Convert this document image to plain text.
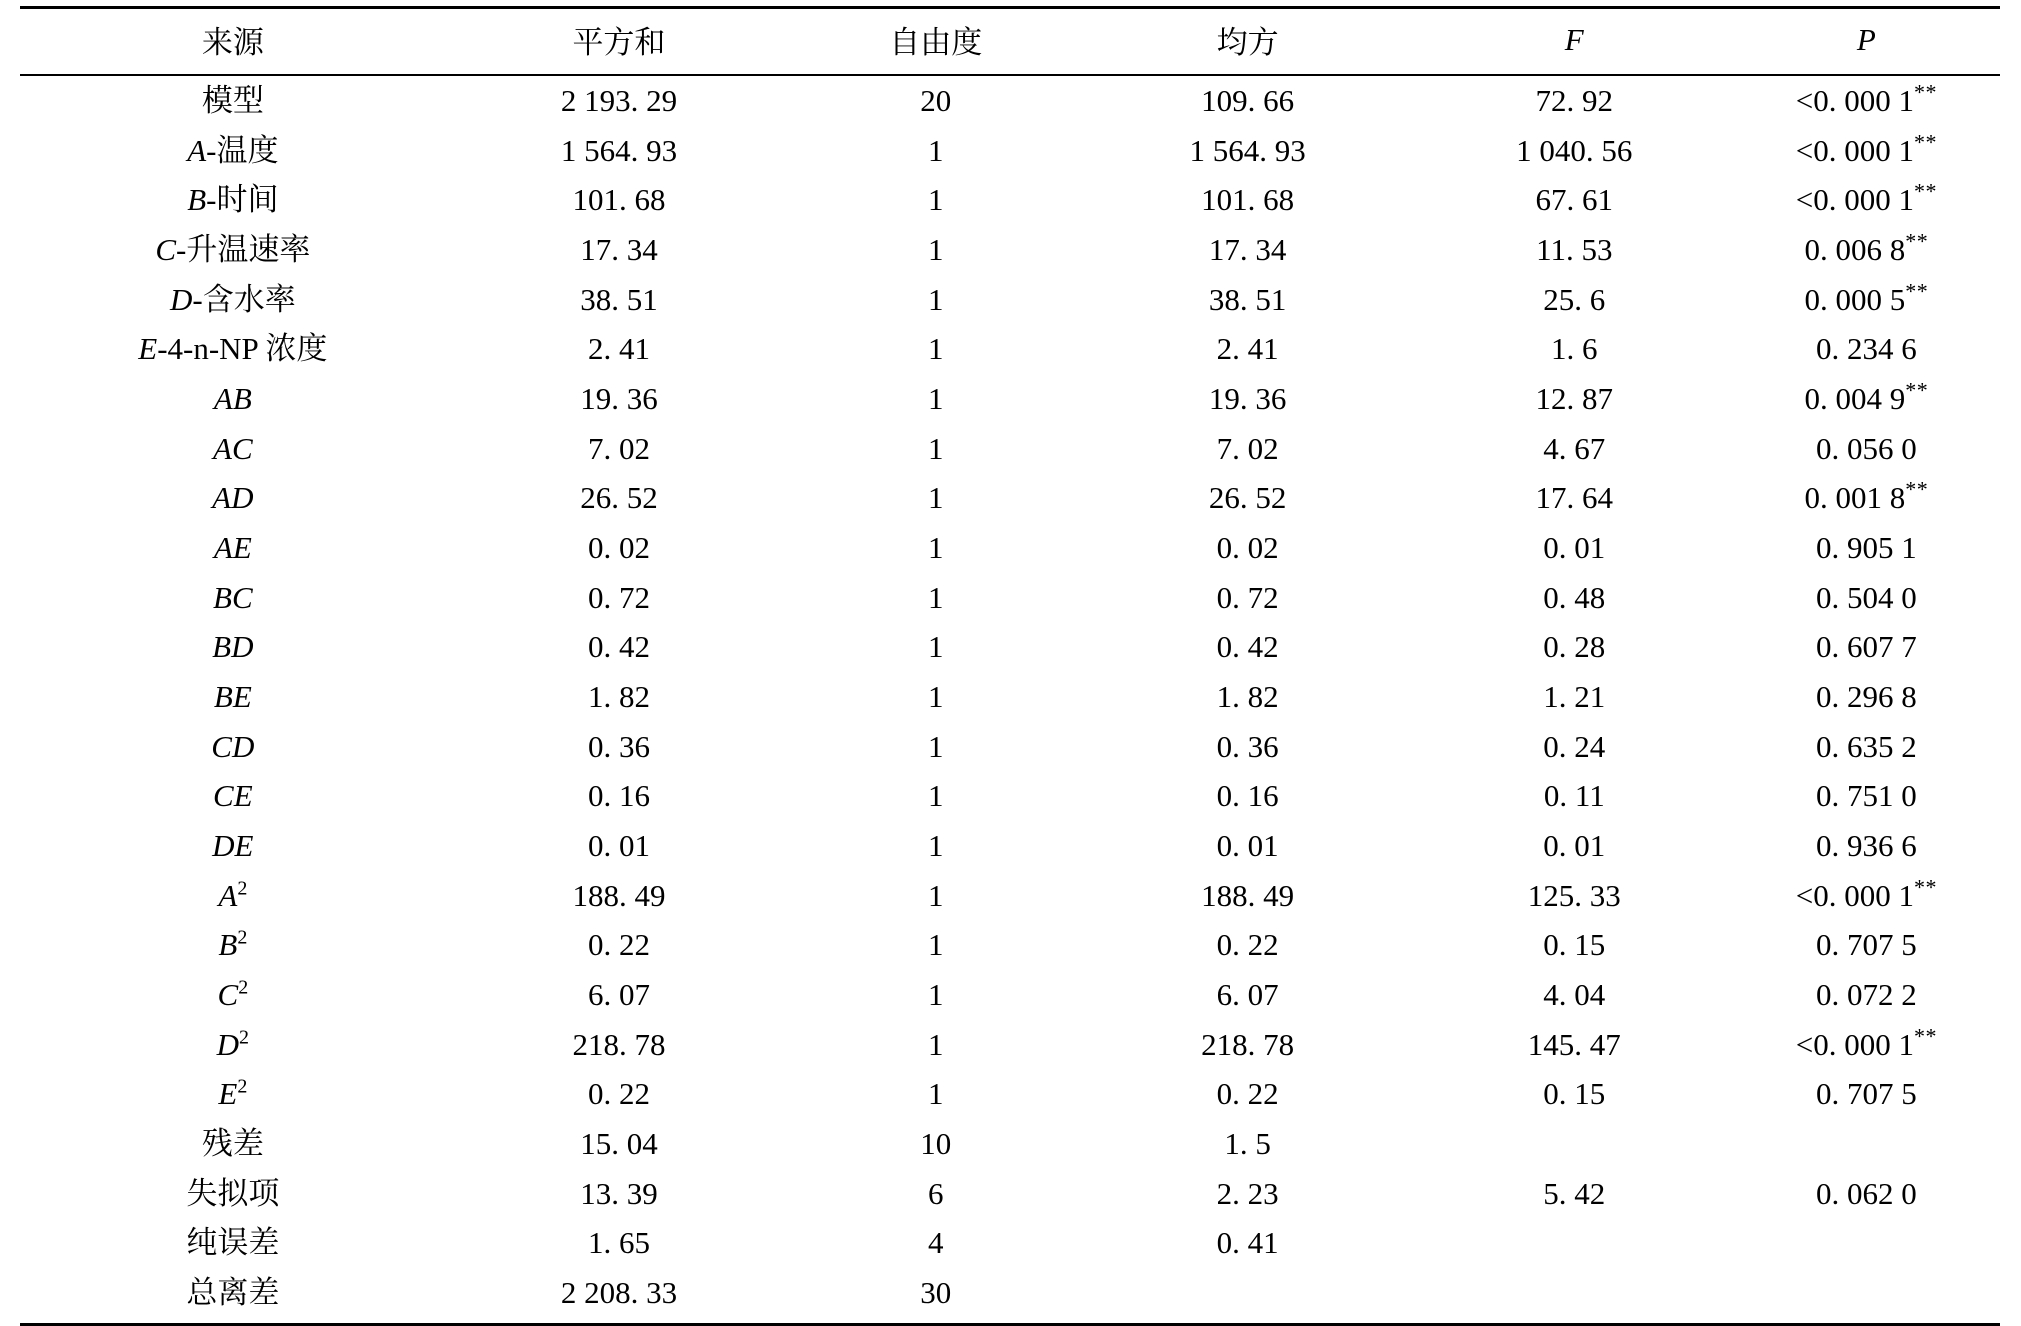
来源	平方和	自由度	均方	F	P
模型	2 193. 29	20	109. 66	72. 92	<0. 000 1**
A-温度	1 564. 93	1	1 564. 93	1 040. 56	<0. 000 1**
B-时间	101. 68	1	101. 68	67. 61	<0. 000 1**
C-升温速率	17. 34	1	17. 34	11. 53	0. 006 8**
D-含水率	38. 51	1	38. 51	25. 6	0. 000 5**
E-4-n-NP 浓度	2. 41	1	2. 41	1. 6	0. 234 6
AB	19. 36	1	19. 36	12. 87	0. 004 9**
AC	7. 02	1	7. 02	4. 67	0. 056 0
AD	26. 52	1	26. 52	17. 64	0. 001 8**
AE	0. 02	1	0. 02	0. 01	0. 905 1
BC	0. 72	1	0. 72	0. 48	0. 504 0
BD	0. 42	1	0. 42	0. 28	0. 607 7
BE	1. 82	1	1. 82	1. 21	0. 296 8
CD	0. 36	1	0. 36	0. 24	0. 635 2
CE	0. 16	1	0. 16	0. 11	0. 751 0
DE	0. 01	1	0. 01	0. 01	0. 936 6
$A^2$	188. 49	1	188. 49	125. 33	<0. 000 1**
$B^2$	0. 22	1	0. 22	0. 15	0. 707 5
$C^2$	6. 07	1	6. 07	4. 04	0. 072 2
$D^2$	218. 78	1	218. 78	145. 47	<0. 000 1**
$E^2$	0. 22	1	0. 22	0. 15	0. 707 5
残差	15. 04	10	1. 5		
失拟项	13. 39	6	2. 23	5. 42	0. 062 0
纯误差	1. 65	4	0. 41		
总离差	2 208. 33	30			
